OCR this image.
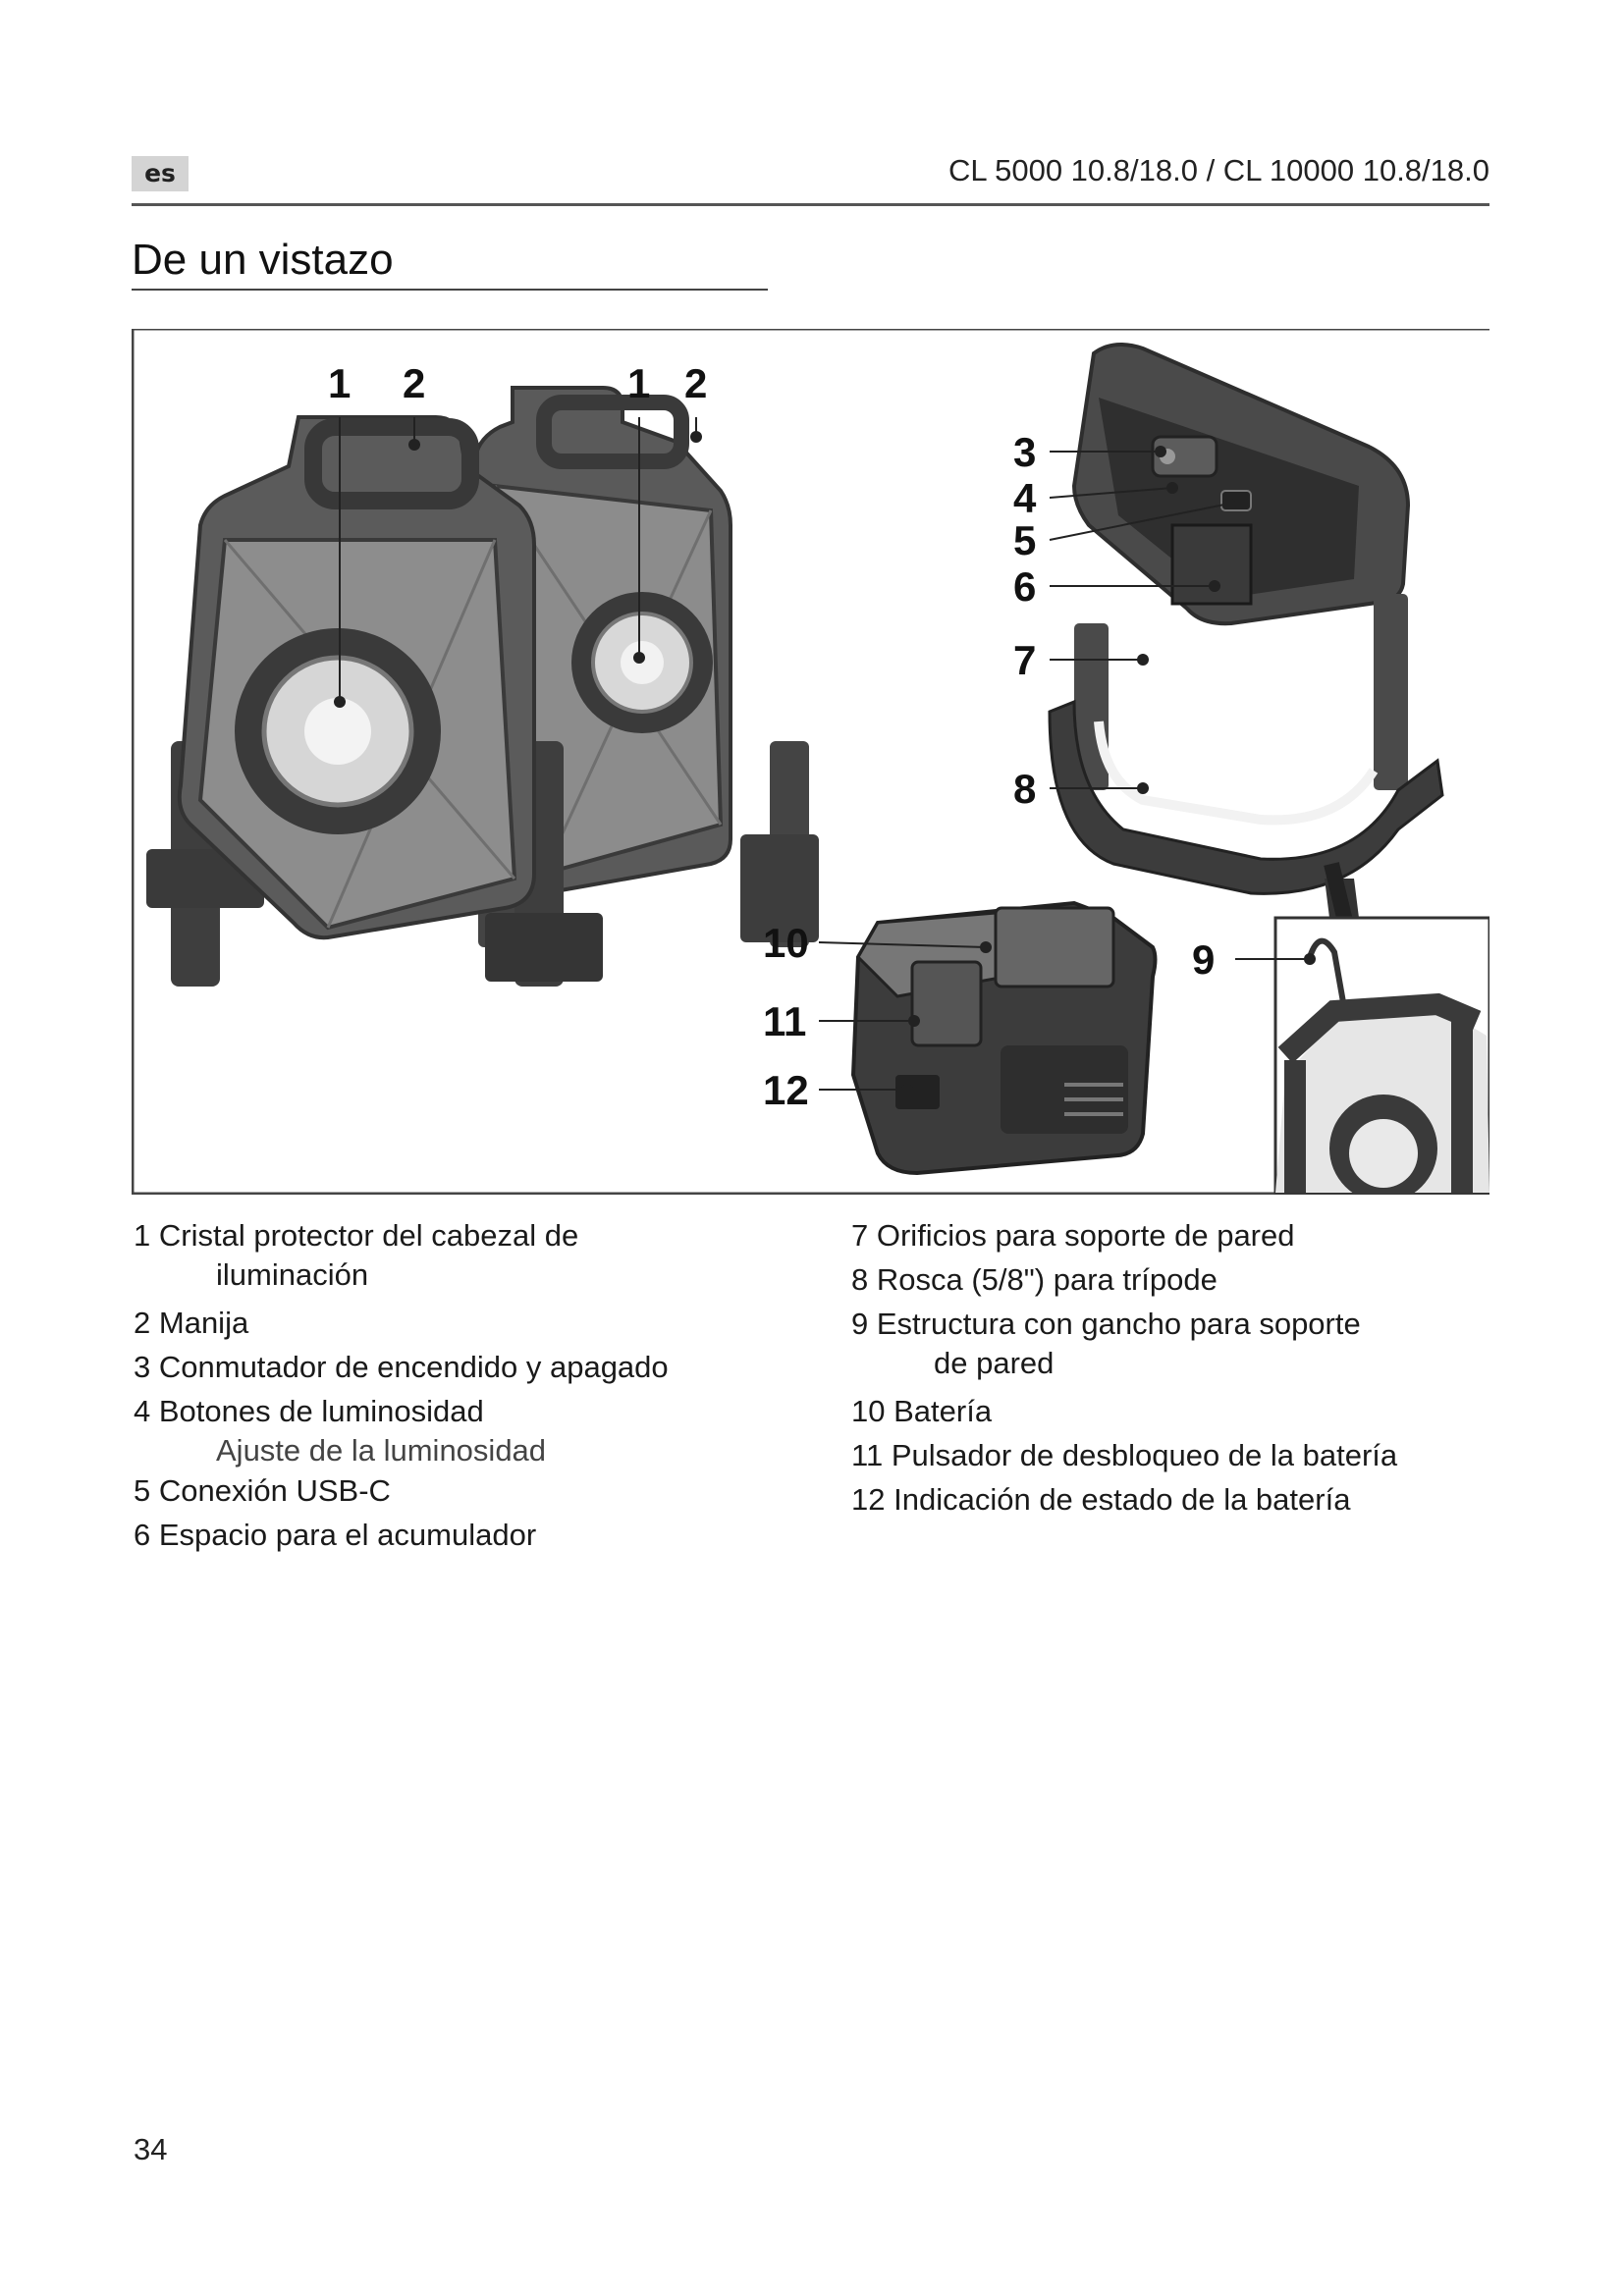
es	CL 5000 10.8/18.0 / CL 10000 10.8/18.0
De un vistazo
1 2	1 2
3
4
5
6
7
8
9
10
11
12
1 Cristal protector del cabezal de
iluminación
2 Manija
3 Conmutador de encendido y apagado
4 Botones de luminosidad
Ajuste de la luminosidad
5 Conexión USB-C
6 Espacio para el acumulador
7 Orificios para soporte de pared
8 Rosca (5/8") para trípode
9 Estructura con gancho para soporte
de pared
10 Batería
11 Pulsador de desbloqueo de la batería
12 Indicación de estado de la batería
34
